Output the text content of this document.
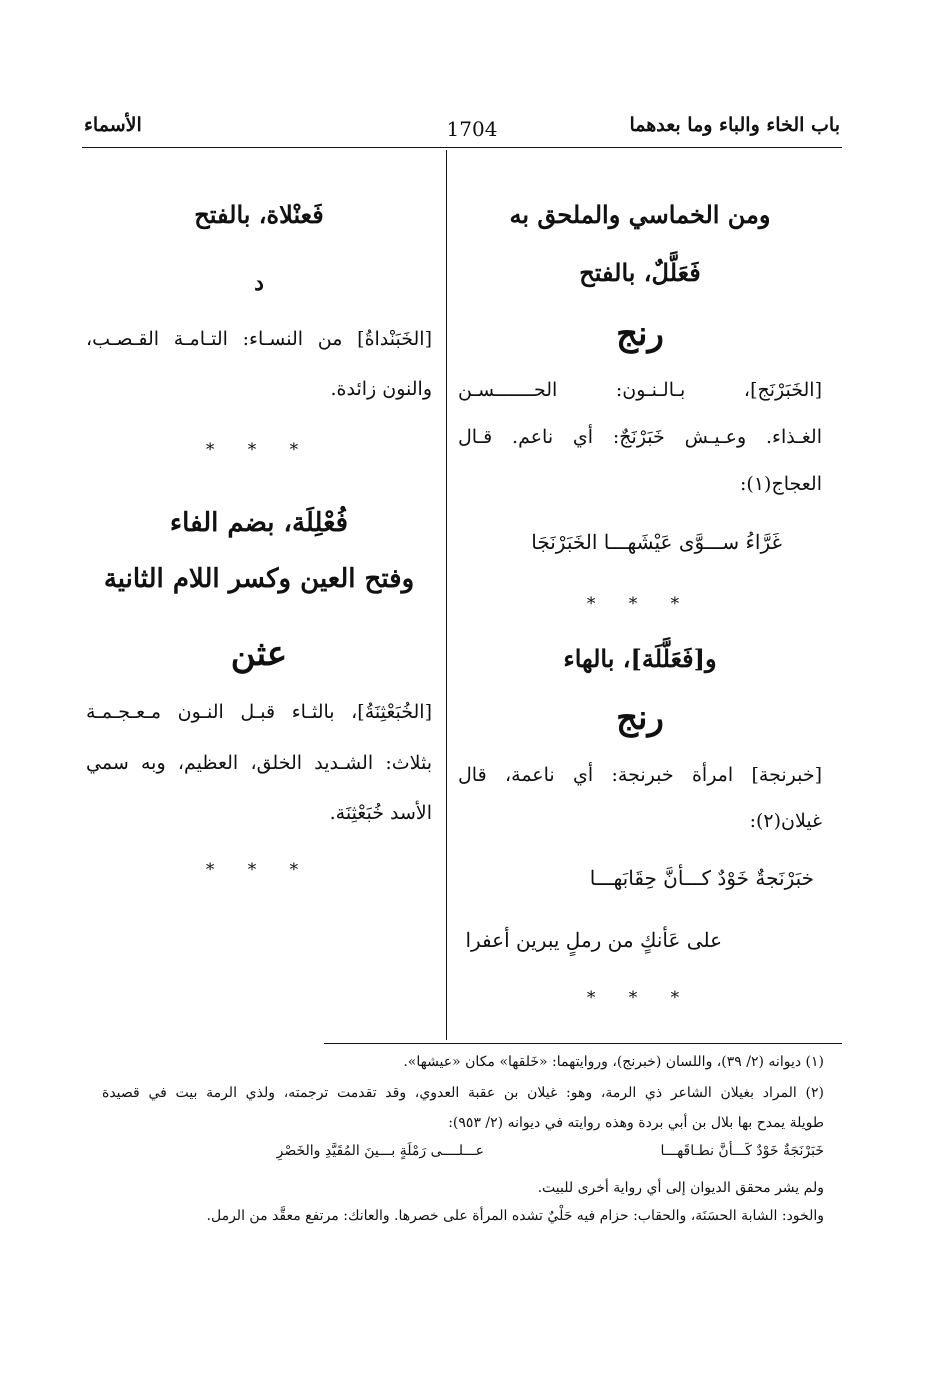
باب الخاء والباء وما بعدهما
1704
الأسماء
ومن الخماسي والملحق به
فَعَلَّلٌ، بالفتح
رنج
[الخَبَرْنَج]، بـالـنـون: الحـــــــسـن
الغـذاء. وعـيـش خَبَرْنَجٌ: أي ناعم. قـال
العجاج(١):
غَرَّاءُ ســـوَّى عَيْشَهـــا الخَبَرْنَجَا
* * *
و[فَعَلَّلَة]، بالهاء
رنج
[خبرنجة] امرأة خبرنجة: أي ناعمة، قال
غيلان(٢):
خبَرْنَجةٌ خَوْدٌ كـــأنَّ حِقَابَهـــا
على عَأنكٍ من رملٍ يبرين أعفرا
* * *
فَعنْلاة، بالفتح
د
[الخَبَنْداةُ] من النسـاء: التـامـة القـصـب،
والنون زائدة.
* * *
فُعْلِلَة، بضم الفاء
وفتح العين وكسر اللام الثانية
عثن
[الخُبَعْثِنَةُ]، بالثـاء قبـل النـون مـعـجـمـة
بثلاث: الشـديد الخلق، العظيم، وبه سمي
الأسد خُبَعْثِنَة.
* * *
(١) ديوانه (٢/ ٣٩)، واللسان (خبرنج)، وروايتهما: «خَلقها» مكان «عيشها».
(٢) المراد بغيلان الشاعر ذي الرمة، وهو: غيلان بن عقبة العدوي، وقد تقدمت ترجمته، ولذي الرمة بيت في قصيدة
طويلة يمدح بها بلال بن أبي بردة وهذه روايته في ديوانه (٢/ ٩٥٣):
خَبَرْنَجَةٌ خَوْدٌ كَـــأنَّ نطـاقَهـــا
عـــلــــى رَمْلَةٍ بـــينَ المُقَيَّدِ والخَصْرِ
ولم يشر محقق الديوان إلى أي رواية أخرى للبيت.
والخود: الشابة الحسَنَة، والحقاب: حزام فيه حَلْيٌ تشده المرأة على خصرها. والعانك: مرتفع معقَّد من الرمل.
